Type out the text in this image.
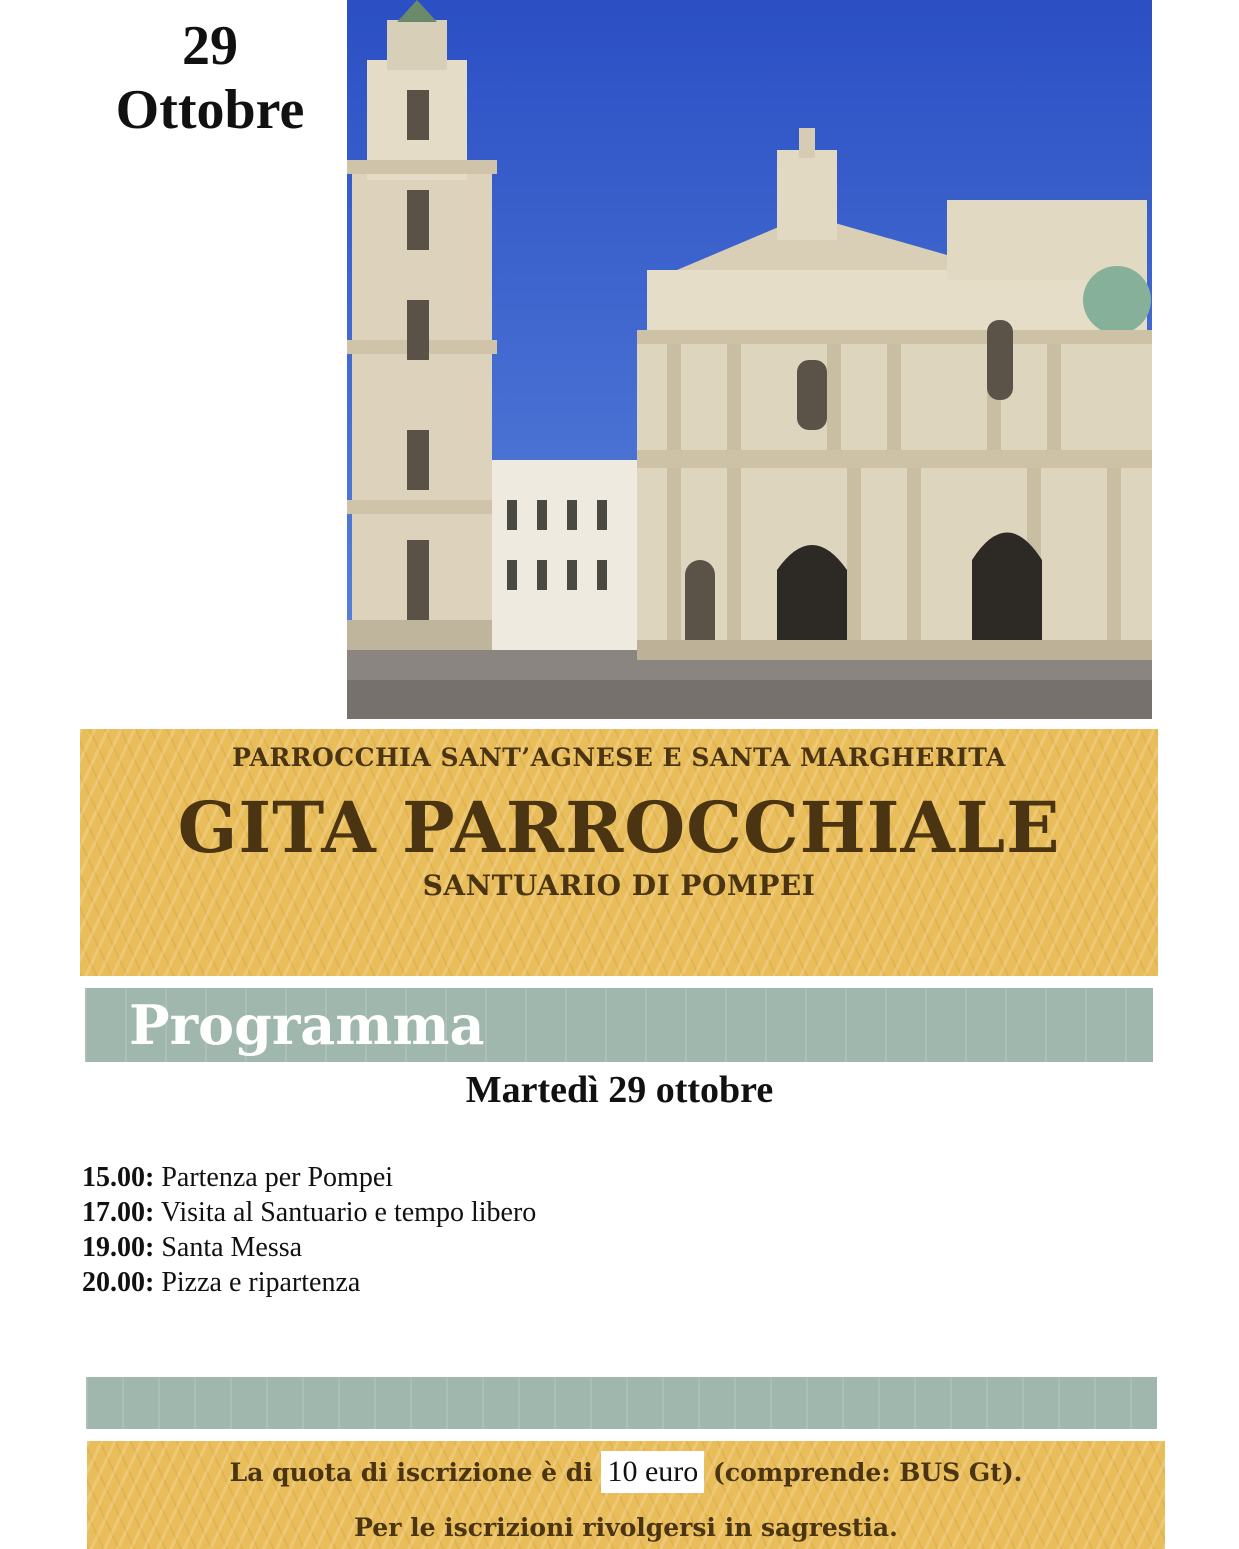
29
Ottobre
PARROCCHIA SANT’AGNESE E SANTA MARGHERITA
GITA PARROCCHIALE
SANTUARIO DI POMPEI
Programma
Martedì 29 ottobre
15.00: Partenza per Pompei
17.00: Visita al Santuario e tempo libero
19.00: Santa Messa
20.00: Pizza e ripartenza
La quota di iscrizione è di 10 euro (comprende: BUS Gt).
Per le iscrizioni rivolgersi in sagrestia.
